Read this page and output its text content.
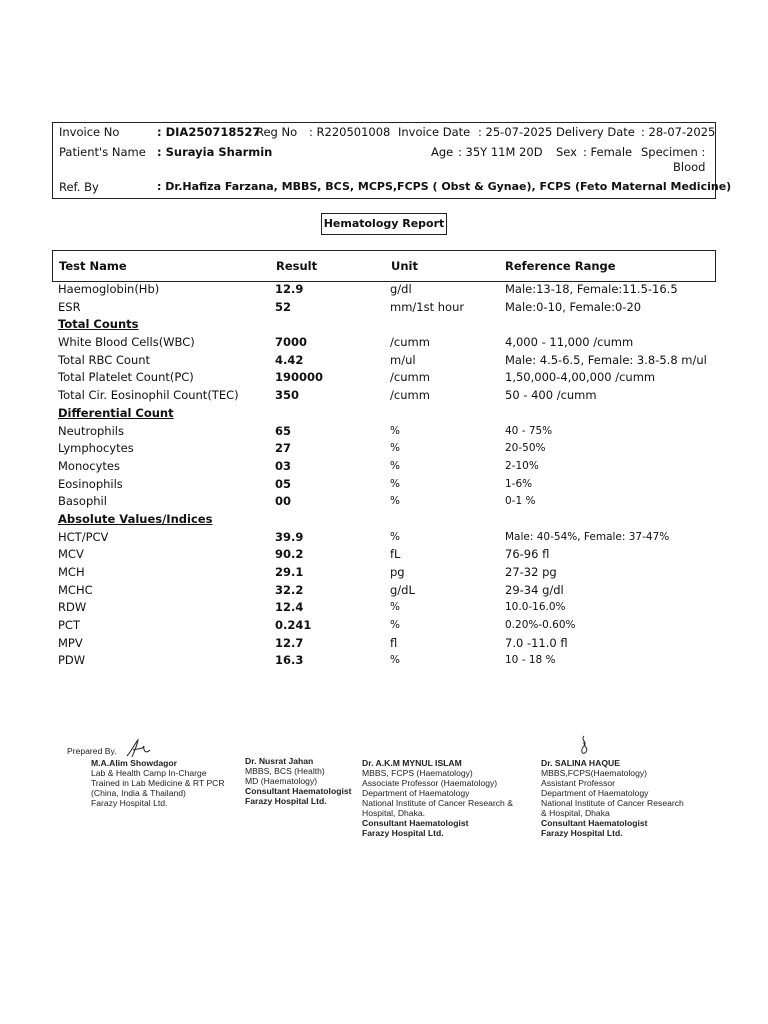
Invoice No	: DIA250718527
Reg No : R220501008 Invoice Date : 25-07-2025 Delivery Date : 28-07-2025
Patient's Name : Surayia Sharmin	Age : 35Y 11M 20D Sex : Female Specimen :
Blood
Ref. By	: Dr.Hafiza Farzana, MBBS, BCS, MCPS,FCPS ( Obst & Gynae), FCPS (Feto Maternal Medicine)
Hematology Report
Test Name	Result	Unit	Reference Range
Haemoglobin(Hb)	12.9	g/dl	Male:13-18, Female:11.5-16.5
ESR	52	mm/1st hour	Male:0-10, Female:0-20
Total Counts
White Blood Cells(WBC)	7000	/cumm	4,000 - 11,000 /cumm
Total RBC Count	4.42	m/ul	Male: 4.5-6.5, Female: 3.8-5.8 m/ul
Total Platelet Count(PC)	190000	/cumm	1,50,000-4,00,000 /cumm
Total Cir. Eosinophil Count(TEC)	350	/cumm	50 - 400 /cumm
Differential Count
Neutrophils	65	%	40 - 75%
Lymphocytes	27	%	20-50%
Monocytes	03	%	2-10%
Eosinophils	05	%	1-6%
Basophil	00	%	0-1 %
Absolute Values/Indices
HCT/PCV	39.9	%	Male: 40-54%, Female: 37-47%
MCV	90.2	fL	76-96 fl
MCH	29.1	pg	27-32 pg
MCHC	32.2	g/dL	29-34 g/dl
RDW	12.4	%	10.0-16.0%
PCT	0.241	%	0.20%-0.60%
MPV	12.7	fl	7.0 -11.0 fl
PDW	16.3	%	10 - 18 %
Prepared By.
M.A.Alim Showdagor
Lab & Health Camp In-Charge
Trained in Lab Medicine & RT PCR
(China, India & Thailand)
Farazy Hospital Ltd.
Dr. Nusrat Jahan
MBBS, BCS (Health)
MD (Haematology)
Consultant Haematologist
Farazy Hospital Ltd.
Dr. A.K.M MYNUL ISLAM
MBBS, FCPS (Haematology)
Associate Professor (Haematology)
Department of Haematology
National Institute of Cancer Research &
Hospital, Dhaka.
Consultant Haematologist
Farazy Hospital Ltd.
Dr. SALINA HAQUE
MBBS,FCPS(Haematology)
Assistant Professor
Department of Haematology
National Institute of Cancer Research
& Hospital, Dhaka
Consultant Haematologist
Farazy Hospital Ltd.
